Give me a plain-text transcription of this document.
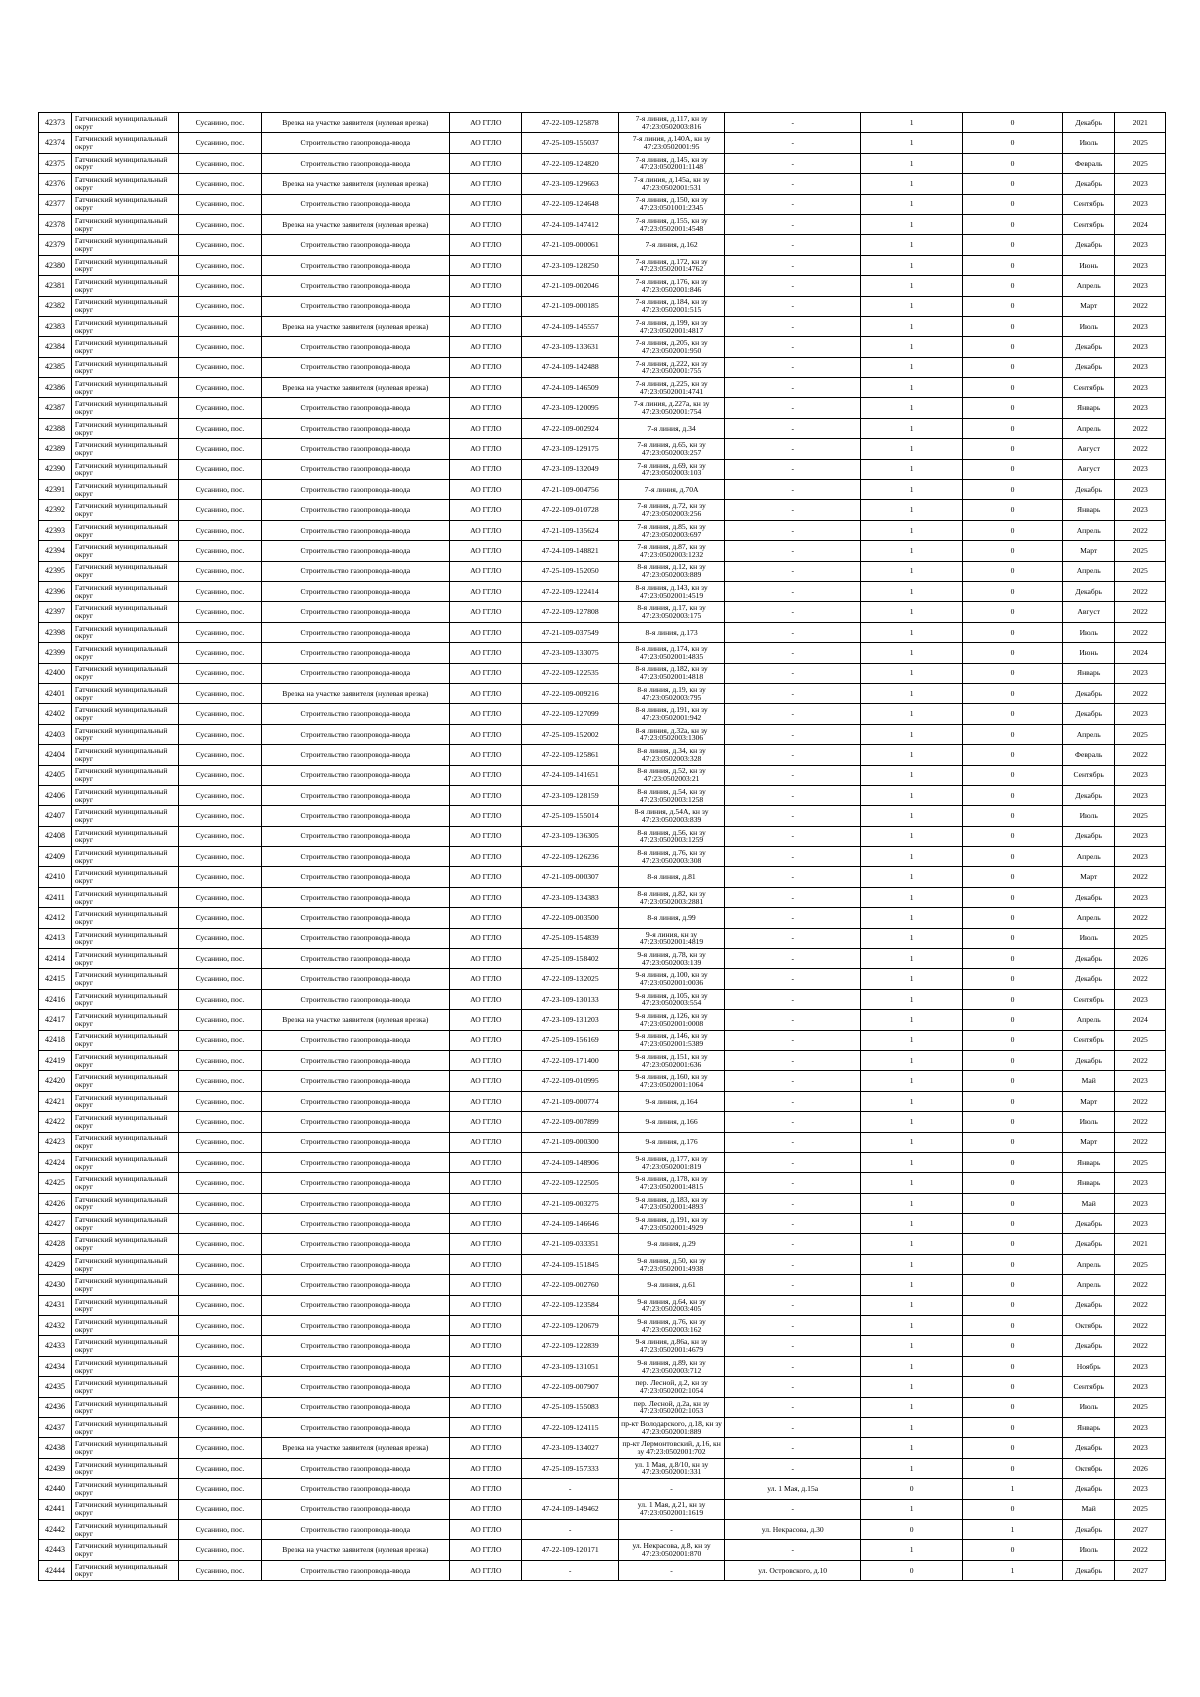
42373	Гатчинский муниципальный округ	Сусанино, пос.	Врезка на участке заявителя (нулевая врезка)	АО ГГЛО	47-22-109-125878	7-я линия, д.117, кн зу 47:23:0502003:816	-	1	0	Декабрь	2021
42374	Гатчинский муниципальный округ	Сусанино, пос.	Строительство газопровода-ввода	АО ГГЛО	47-25-109-155037	7-я линия, д.140А, кн зу 47:23:0502001:95	-	1	0	Июль	2025
42375	Гатчинский муниципальный округ	Сусанино, пос.	Строительство газопровода-ввода	АО ГГЛО	47-22-109-124820	7-я линия, д.145, кн зу 47:23:0502001:1148	-	1	0	Февраль	2025
42376	Гатчинский муниципальный округ	Сусанино, пос.	Врезка на участке заявителя (нулевая врезка)	АО ГГЛО	47-23-109-129663	7-я линия, д.145а, кн зу 47:23:0502001:531	-	1	0	Декабрь	2023
42377	Гатчинский муниципальный округ	Сусанино, пос.	Строительство газопровода-ввода	АО ГГЛО	47-22-109-124648	7-я линия, д.150, кн зу 47:23:0501001:2345	-	1	0	Сентябрь	2023
42378	Гатчинский муниципальный округ	Сусанино, пос.	Врезка на участке заявителя (нулевая врезка)	АО ГГЛО	47-24-109-147412	7-я линия, д.155, кн зу 47:23:0502001:4548	-	1	0	Сентябрь	2024
42379	Гатчинский муниципальный округ	Сусанино, пос.	Строительство газопровода-ввода	АО ГГЛО	47-21-109-000061	7-я линия, д.162	-	1	0	Декабрь	2023
42380	Гатчинский муниципальный округ	Сусанино, пос.	Строительство газопровода-ввода	АО ГГЛО	47-23-109-128250	7-я линия, д.172, кн зу 47:23:0502001:4762	-	1	0	Июнь	2023
42381	Гатчинский муниципальный округ	Сусанино, пос.	Строительство газопровода-ввода	АО ГГЛО	47-21-109-002046	7-я линия, д.176, кн зу 47:23:0502001:846	-	1	0	Апрель	2023
42382	Гатчинский муниципальный округ	Сусанино, пос.	Строительство газопровода-ввода	АО ГГЛО	47-21-109-000185	7-я линия, д.184, кн зу 47:23:0502001:515	-	1	0	Март	2022
42383	Гатчинский муниципальный округ	Сусанино, пос.	Врезка на участке заявителя (нулевая врезка)	АО ГГЛО	47-24-109-145557	7-я линия, д.199, кн зу 47:23:0502001:4817	-	1	0	Июль	2023
42384	Гатчинский муниципальный округ	Сусанино, пос.	Строительство газопровода-ввода	АО ГГЛО	47-23-109-133631	7-я линия, д.205, кн зу 47:23:0502001:950	-	1	0	Декабрь	2023
42385	Гатчинский муниципальный округ	Сусанино, пос.	Строительство газопровода-ввода	АО ГГЛО	47-24-109-142488	7-я линия, д.222, кн зу 47:23:0502001:755	-	1	0	Декабрь	2023
42386	Гатчинский муниципальный округ	Сусанино, пос.	Врезка на участке заявителя (нулевая врезка)	АО ГГЛО	47-24-109-146509	7-я линия, д.225, кн зу 47:23:0502001:4741	-	1	0	Сентябрь	2023
42387	Гатчинский муниципальный округ	Сусанино, пос.	Строительство газопровода-ввода	АО ГГЛО	47-23-109-120095	7-я линия, д.227а, кн зу 47:23:0502001:754	-	1	0	Январь	2023
42388	Гатчинский муниципальный округ	Сусанино, пос.	Строительство газопровода-ввода	АО ГГЛО	47-22-109-002924	7-я линия, д.34	-	1	0	Апрель	2022
42389	Гатчинский муниципальный округ	Сусанино, пос.	Строительство газопровода-ввода	АО ГГЛО	47-23-109-129175	7-я линия, д.65, кн зу 47:23:0502003:257	-	1	0	Август	2022
42390	Гатчинский муниципальный округ	Сусанино, пос.	Строительство газопровода-ввода	АО ГГЛО	47-23-109-132049	7-я линия, д.69, кн зу 47:23:0502003:103	-	1	0	Август	2023
42391	Гатчинский муниципальный округ	Сусанино, пос.	Строительство газопровода-ввода	АО ГГЛО	47-21-109-004756	7-я линия, д.70А	-	1	0	Декабрь	2023
42392	Гатчинский муниципальный округ	Сусанино, пос.	Строительство газопровода-ввода	АО ГГЛО	47-22-109-010728	7-я линия, д.72, кн зу 47:23:0502003:256	-	1	0	Январь	2023
42393	Гатчинский муниципальный округ	Сусанино, пос.	Строительство газопровода-ввода	АО ГГЛО	47-21-109-135624	7-я линия, д.85, кн зу 47:23:0502003:697	-	1	0	Апрель	2022
42394	Гатчинский муниципальный округ	Сусанино, пос.	Строительство газопровода-ввода	АО ГГЛО	47-24-109-148821	7-я линия, д.87, кн зу 47:23:0502003:1232	-	1	0	Март	2025
42395	Гатчинский муниципальный округ	Сусанино, пос.	Строительство газопровода-ввода	АО ГГЛО	47-25-109-152050	8-я линия, д.12, кн зу 47:23:0502003:889	-	1	0	Апрель	2025
42396	Гатчинский муниципальный округ	Сусанино, пос.	Строительство газопровода-ввода	АО ГГЛО	47-22-109-122414	8-я линия, д.143, кн зу 47:23:0502001:4519	-	1	0	Декабрь	2022
42397	Гатчинский муниципальный округ	Сусанино, пос.	Строительство газопровода-ввода	АО ГГЛО	47-22-109-127808	8-я линия, д.17, кн зу 47:23:0502003:175	-	1	0	Август	2022
42398	Гатчинский муниципальный округ	Сусанино, пос.	Строительство газопровода-ввода	АО ГГЛО	47-21-109-037549	8-я линия, д.173	-	1	0	Июль	2022
42399	Гатчинский муниципальный округ	Сусанино, пос.	Строительство газопровода-ввода	АО ГГЛО	47-23-109-133075	8-я линия, д.174, кн зу 47:23:0502001:4835	-	1	0	Июнь	2024
42400	Гатчинский муниципальный округ	Сусанино, пос.	Строительство газопровода-ввода	АО ГГЛО	47-22-109-122535	8-я линия, д.182, кн зу 47:23:0502001:4818	-	1	0	Январь	2023
42401	Гатчинский муниципальный округ	Сусанино, пос.	Врезка на участке заявителя (нулевая врезка)	АО ГГЛО	47-22-109-009216	8-я линия, д.19, кн зу 47:23:0502003:795	-	1	0	Декабрь	2022
42402	Гатчинский муниципальный округ	Сусанино, пос.	Строительство газопровода-ввода	АО ГГЛО	47-22-109-127099	8-я линия, д.191, кн зу 47:23:0502001:942	-	1	0	Декабрь	2023
42403	Гатчинский муниципальный округ	Сусанино, пос.	Строительство газопровода-ввода	АО ГГЛО	47-25-109-152002	8-я линия, д.32а, кн зу 47:23:0502003:1306	-	1	0	Апрель	2025
42404	Гатчинский муниципальный округ	Сусанино, пос.	Строительство газопровода-ввода	АО ГГЛО	47-22-109-125861	8-я линия, д.34, кн зу 47:23:0502003:328	-	1	0	Февраль	2022
42405	Гатчинский муниципальный округ	Сусанино, пос.	Строительство газопровода-ввода	АО ГГЛО	47-24-109-141651	8-я линия, д.52, кн зу 47:23:0502003:21	-	1	0	Сентябрь	2023
42406	Гатчинский муниципальный округ	Сусанино, пос.	Строительство газопровода-ввода	АО ГГЛО	47-23-109-128159	8-я линия, д.54, кн зу 47:23:0502003:1258	-	1	0	Декабрь	2023
42407	Гатчинский муниципальный округ	Сусанино, пос.	Строительство газопровода-ввода	АО ГГЛО	47-25-109-155014	8-я линия, д.54А, кн зу 47:23:0502003:839	-	1	0	Июль	2025
42408	Гатчинский муниципальный округ	Сусанино, пос.	Строительство газопровода-ввода	АО ГГЛО	47-23-109-136305	8-я линия, д.56, кн зу 47:23:0502003:1259	-	1	0	Декабрь	2023
42409	Гатчинский муниципальный округ	Сусанино, пос.	Строительство газопровода-ввода	АО ГГЛО	47-22-109-126236	8-я линия, д.76, кн зу 47:23:0502003:308	-	1	0	Апрель	2023
42410	Гатчинский муниципальный округ	Сусанино, пос.	Строительство газопровода-ввода	АО ГГЛО	47-21-109-000307	8-я линия, д.81	-	1	0	Март	2022
42411	Гатчинский муниципальный округ	Сусанино, пос.	Строительство газопровода-ввода	АО ГГЛО	47-23-109-134383	8-я линия, д.82, кн зу 47:23:0502003:2881	-	1	0	Декабрь	2023
42412	Гатчинский муниципальный округ	Сусанино, пос.	Строительство газопровода-ввода	АО ГГЛО	47-22-109-003500	8-я линия, д.99	-	1	0	Апрель	2022
42413	Гатчинский муниципальный округ	Сусанино, пос.	Строительство газопровода-ввода	АО ГГЛО	47-25-109-154839	9-я линия, кн зу 47:23:0502001:4819	-	1	0	Июль	2025
42414	Гатчинский муниципальный округ	Сусанино, пос.	Строительство газопровода-ввода	АО ГГЛО	47-25-109-158402	9-я линия, д.78, кн зу 47:23:0502003:139	-	1	0	Декабрь	2026
42415	Гатчинский муниципальный округ	Сусанино, пос.	Строительство газопровода-ввода	АО ГГЛО	47-22-109-132025	9-я линия, д.100, кн зу 47:23:0502001:0036	-	1	0	Декабрь	2022
42416	Гатчинский муниципальный округ	Сусанино, пос.	Строительство газопровода-ввода	АО ГГЛО	47-23-109-130133	9-я линия, д.105, кн зу 47:23:0502003:554	-	1	0	Сентябрь	2023
42417	Гатчинский муниципальный округ	Сусанино, пос.	Врезка на участке заявителя (нулевая врезка)	АО ГГЛО	47-23-109-131203	9-я линия, д.126, кн зу 47:23:0502001:0008	-	1	0	Апрель	2024
42418	Гатчинский муниципальный округ	Сусанино, пос.	Строительство газопровода-ввода	АО ГГЛО	47-25-109-156169	9-я линия, д.146, кн зу 47:23:0502001:5389	-	1	0	Сентябрь	2025
42419	Гатчинский муниципальный округ	Сусанино, пос.	Строительство газопровода-ввода	АО ГГЛО	47-22-109-171400	9-я линия, д.151, кн зу 47:23:0502001:636	-	1	0	Декабрь	2022
42420	Гатчинский муниципальный округ	Сусанино, пос.	Строительство газопровода-ввода	АО ГГЛО	47-22-109-010995	9-я линия, д.160, кн зу 47:23:0502001:1064	-	1	0	Май	2023
42421	Гатчинский муниципальный округ	Сусанино, пос.	Строительство газопровода-ввода	АО ГГЛО	47-21-109-000774	9-я линия, д.164	-	1	0	Март	2022
42422	Гатчинский муниципальный округ	Сусанино, пос.	Строительство газопровода-ввода	АО ГГЛО	47-22-109-007899	9-я линия, д.166	-	1	0	Июль	2022
42423	Гатчинский муниципальный округ	Сусанино, пос.	Строительство газопровода-ввода	АО ГГЛО	47-21-109-000300	9-я линия, д.176	-	1	0	Март	2022
42424	Гатчинский муниципальный округ	Сусанино, пос.	Строительство газопровода-ввода	АО ГГЛО	47-24-109-148906	9-я линия, д.177, кн зу 47:23:0502001:819	-	1	0	Январь	2025
42425	Гатчинский муниципальный округ	Сусанино, пос.	Строительство газопровода-ввода	АО ГГЛО	47-22-109-122505	9-я линия, д.178, кн зу 47:23:0502001:4815	-	1	0	Январь	2023
42426	Гатчинский муниципальный округ	Сусанино, пос.	Строительство газопровода-ввода	АО ГГЛО	47-21-109-003275	9-я линия, д.183, кн зу 47:23:0502001:4893	-	1	0	Май	2023
42427	Гатчинский муниципальный округ	Сусанино, пос.	Строительство газопровода-ввода	АО ГГЛО	47-24-109-146646	9-я линия, д.191, кн зу 47:23:0502001:4929	-	1	0	Декабрь	2023
42428	Гатчинский муниципальный округ	Сусанино, пос.	Строительство газопровода-ввода	АО ГГЛО	47-21-109-033351	9-я линия, д.29	-	1	0	Декабрь	2021
42429	Гатчинский муниципальный округ	Сусанино, пос.	Строительство газопровода-ввода	АО ГГЛО	47-24-109-151845	9-я линия, д.50, кн зу 47:23:0502001:4938	-	1	0	Апрель	2025
42430	Гатчинский муниципальный округ	Сусанино, пос.	Строительство газопровода-ввода	АО ГГЛО	47-22-109-002760	9-я линия, д.61	-	1	0	Апрель	2022
42431	Гатчинский муниципальный округ	Сусанино, пос.	Строительство газопровода-ввода	АО ГГЛО	47-22-109-123584	9-я линия, д.64, кн зу 47:23:0502003:405	-	1	0	Декабрь	2022
42432	Гатчинский муниципальный округ	Сусанино, пос.	Строительство газопровода-ввода	АО ГГЛО	47-22-109-120679	9-я линия, д.76, кн зу 47:23:0502003:162	-	1	0	Октябрь	2022
42433	Гатчинский муниципальный округ	Сусанино, пос.	Строительство газопровода-ввода	АО ГГЛО	47-22-109-122839	9-я линия, д.86а, кн зу 47:23:0502001:4679	-	1	0	Декабрь	2022
42434	Гатчинский муниципальный округ	Сусанино, пос.	Строительство газопровода-ввода	АО ГГЛО	47-23-109-131051	9-я линия, д.89, кн зу 47:23:0502003:712	-	1	0	Ноябрь	2023
42435	Гатчинский муниципальный округ	Сусанино, пос.	Строительство газопровода-ввода	АО ГГЛО	47-22-109-007907	пер. Лесной, д.2, кн зу 47:23:0502002:1054	-	1	0	Сентябрь	2023
42436	Гатчинский муниципальный округ	Сусанино, пос.	Строительство газопровода-ввода	АО ГГЛО	47-25-109-155083	пер. Лесной, д.2а, кн зу 47:23:0502002:1053	-	1	0	Июль	2025
42437	Гатчинский муниципальный округ	Сусанино, пос.	Строительство газопровода-ввода	АО ГГЛО	47-22-109-124115	пр-кт Володарского, д.18, кн зу 47:23:0502001:889	-	1	0	Январь	2023
42438	Гатчинский муниципальный округ	Сусанино, пос.	Врезка на участке заявителя (нулевая врезка)	АО ГГЛО	47-23-109-134027	пр-кт Лермонтовский, д.16, кн зу 47:23:0502001:702	-	1	0	Декабрь	2023
42439	Гатчинский муниципальный округ	Сусанино, пос.	Строительство газопровода-ввода	АО ГГЛО	47-25-109-157333	ул. 1 Мая, д.8/10, кн зу 47:23:0502001:331	-	1	0	Октябрь	2026
42440	Гатчинский муниципальный округ	Сусанино, пос.	Строительство газопровода-ввода	АО ГГЛО	-	-	ул. 1 Мая, д.15а	0	1	Декабрь	2023
42441	Гатчинский муниципальный округ	Сусанино, пос.	Строительство газопровода-ввода	АО ГГЛО	47-24-109-149462	ул. 1 Мая, д.21, кн зу 47:23:0502001:1619	-	1	0	Май	2025
42442	Гатчинский муниципальный округ	Сусанино, пос.	Строительство газопровода-ввода	АО ГГЛО	-	-	ул. Некрасова, д.30	0	1	Декабрь	2027
42443	Гатчинский муниципальный округ	Сусанино, пос.	Врезка на участке заявителя (нулевая врезка)	АО ГГЛО	47-22-109-120171	ул. Некрасова, д.8, кн зу 47:23:0502001:870	-	1	0	Июль	2022
42444	Гатчинский муниципальный округ	Сусанино, пос.	Строительство газопровода-ввода	АО ГГЛО	-	-	ул. Островского, д.10	0	1	Декабрь	2027
